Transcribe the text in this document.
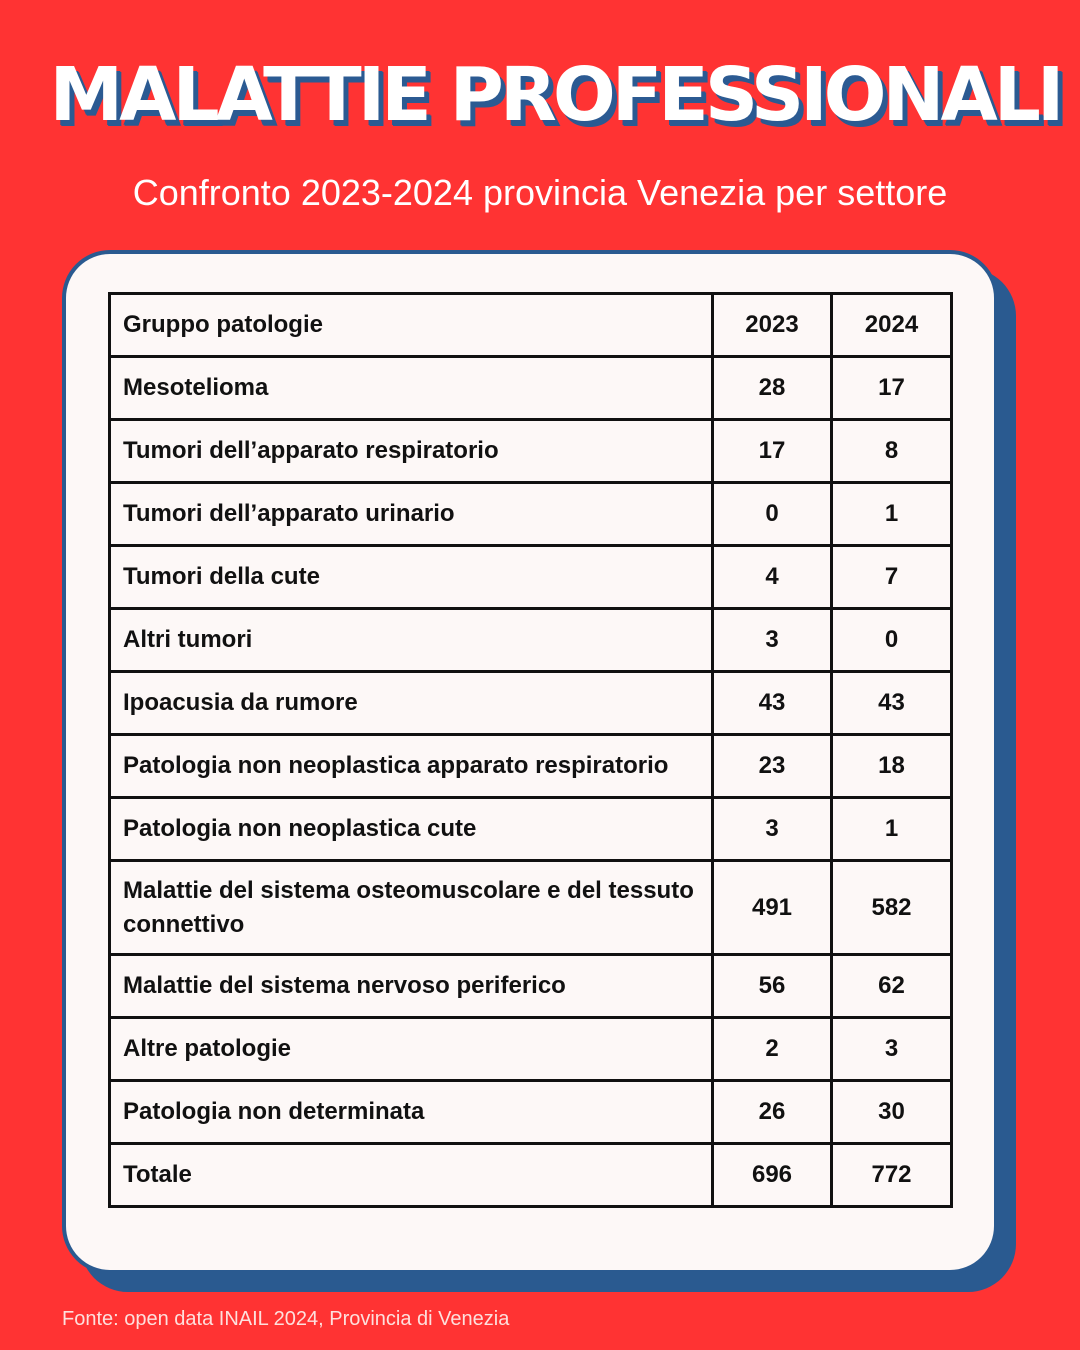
MALATTIE PROFESSIONALI

Confronto 2023-2024 provincia Venezia per settore

Gruppo patologie	2023	2024
Mesotelioma	28	17
Tumori dell’apparato respiratorio	17	8
Tumori dell’apparato urinario	0	1
Tumori della cute	4	7
Altri tumori	3	0
Ipoacusia da rumore	43	43
Patologia non neoplastica apparato respiratorio	23	18
Patologia non neoplastica cute	3	1
Malattie del sistema osteomuscolare e del tessuto connettivo	491	582
Malattie del sistema nervoso periferico	56	62
Altre patologie	2	3
Patologia non determinata	26	30
Totale	696	772

Fonte: open data INAIL 2024, Provincia di Venezia
